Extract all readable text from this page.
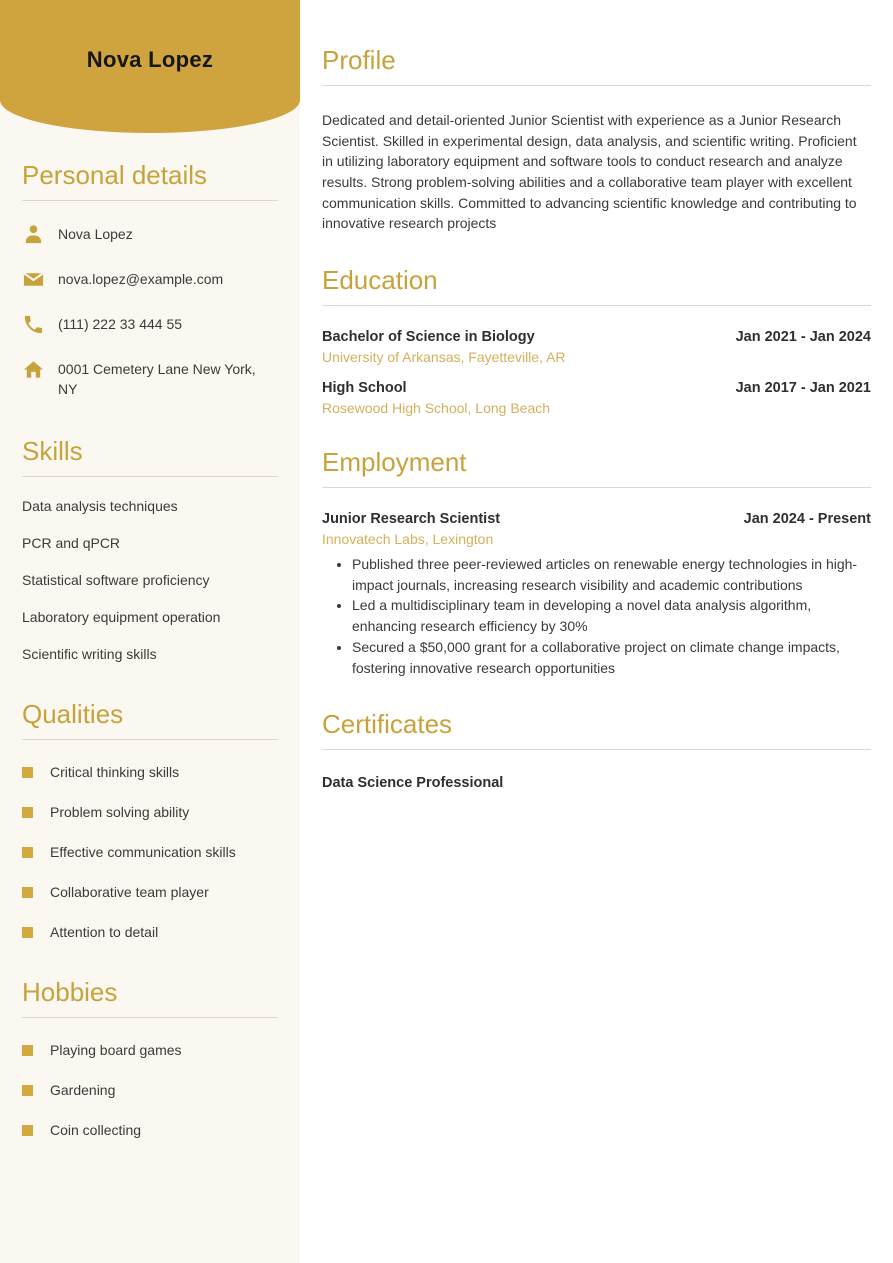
Nova Lopez
Personal details
Nova Lopez
nova.lopez@example.com
(111) 222 33 444 55
0001 Cemetery Lane New York, NY
Skills
Data analysis techniques
PCR and qPCR
Statistical software proficiency
Laboratory equipment operation
Scientific writing skills
Qualities
Critical thinking skills
Problem solving ability
Effective communication skills
Collaborative team player
Attention to detail
Hobbies
Playing board games
Gardening
Coin collecting
Profile

Dedicated and detail-oriented Junior Scientist with experience as a Junior Research Scientist. Skilled in experimental design, data analysis, and scientific writing. Proficient in utilizing laboratory equipment and software tools to conduct research and analyze results. Strong problem-solving abilities and a collaborative team player with excellent communication skills. Committed to advancing scientific knowledge and contributing to innovative research projects

Education
Bachelor of Science in Biology	Jan 2021 - Jan 2024
University of Arkansas, Fayetteville, AR
High School	Jan 2017 - Jan 2021
Rosewood High School, Long Beach
Employment
Junior Research Scientist	Jan 2024 - Present
Innovatech Labs, Lexington
• Published three peer-reviewed articles on renewable energy technologies in high-impact journals, increasing research visibility and academic contributions
• Led a multidisciplinary team in developing a novel data analysis algorithm, enhancing research efficiency by 30%
• Secured a $50,000 grant for a collaborative project on climate change impacts, fostering innovative research opportunities
Certificates
Data Science Professional
